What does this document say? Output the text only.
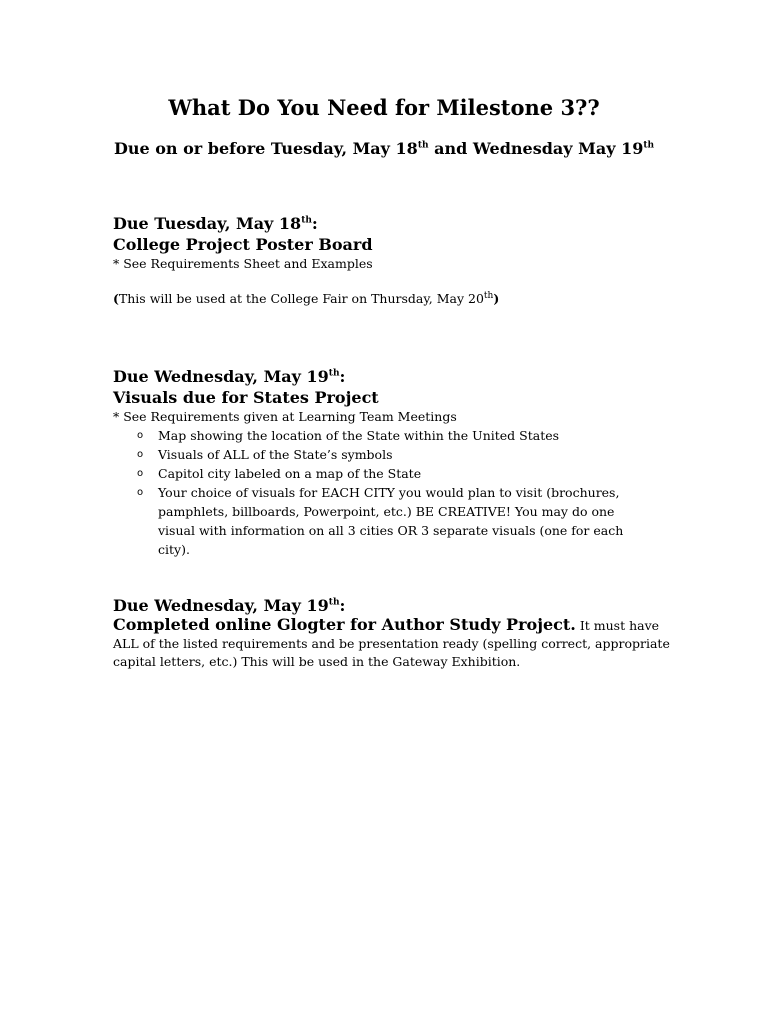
What Do You Need for Milestone 3??
Due on or before Tuesday, May 18th and Wednesday May 19th

Due Tuesday, May 18th:

College Project Poster Board

* See Requirements Sheet and Examples

(This will be used at the College Fair on Thursday, May 20th)

Due Wednesday, May 19th:

Visuals due for States Project

* See Requirements given at Learning Team Meetings

o Map showing the location of the State within the United States
o Visuals of ALL of the State’s symbols
o Capitol city labeled on a map of the State
o Your choice of visuals for EACH CITY you would plan to visit (brochures, pamphlets, billboards, Powerpoint, etc.) BE CREATIVE! You may do one visual with information on all 3 cities OR 3 separate visuals (one for each city).

Due Wednesday, May 19th:

Completed online Glogter for Author Study Project. It must have ALL of the listed requirements and be presentation ready (spelling correct, appropriate capital letters, etc.) This will be used in the Gateway Exhibition.
